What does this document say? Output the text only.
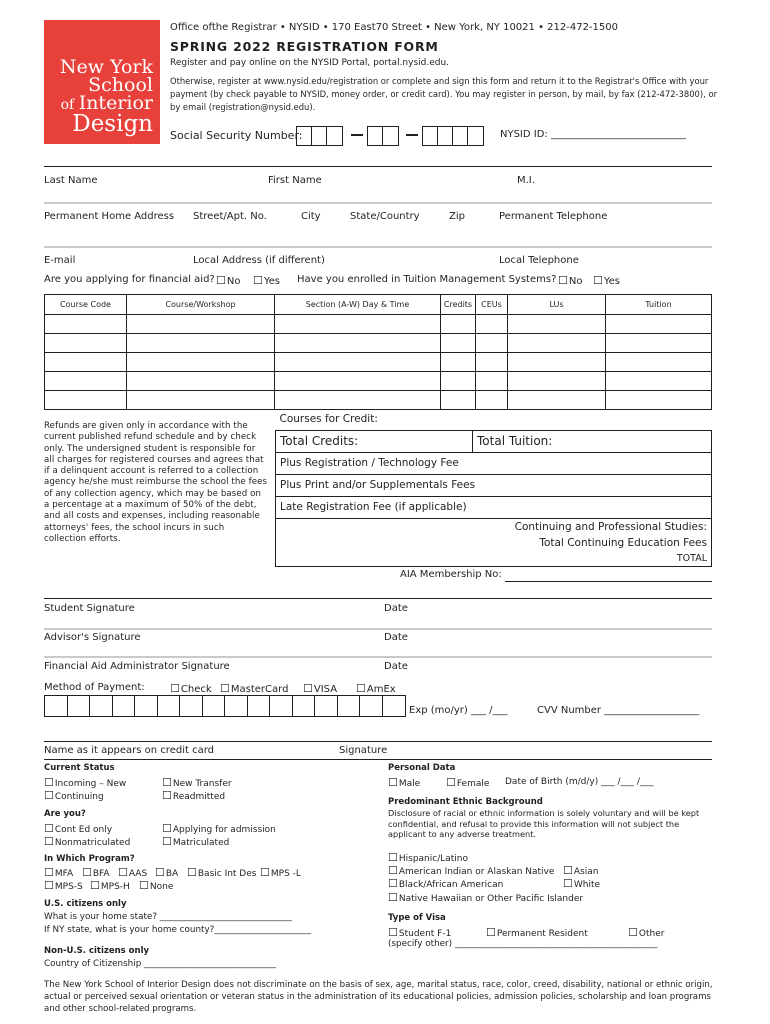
New York
School
of Interior
Design
Office ofthe Registrar • NYSID • 170 East70 Street • New York, NY 10021 • 212-472-1500
SPRING 2022 REGISTRATION FORM
Register and pay online on the NYSID Portal, portal.nysid.edu.
Otherwise, register at www.nysid.edu/registration or complete and sign this form and return it to the Registrar's Office with your
payment (by check payable to NYSID, money order, or credit card). You may register in person, by mail, by fax (212-472-3800), or
by email (registration@nysid.edu).
Social Security Number:	NYSID ID: ___________________________
Last Name	First Name	M.I.
Permanent Home Address Street/Apt. No.	City	State/Country	Zip	Permanent Telephone
E-mail	Local Address (if different)	Local Telephone
Are you applying for financial aid?	☐ No	☐ Yes Have you enrolled in Tuition Management Systems?	☐ No	☐ Yes
Course Code	Course/Workshop	Section (A-W) Day & Time	Credits	CEUs	LUs	Tuition

Refunds are given only in accordance with the current published refund schedule and by check only. The undersigned student is responsible for all charges for registered courses and agrees that if a delinquent account is referred to a collection agency he/she must reimburse the school the fees of any collection agency, which may be based on a percentage at a maximum of 50% of the debt, and all costs and expenses, including reasonable attorneys' fees, the school incurs in such collection efforts.
Courses for Credit:
Total Credits:	Total Tuition:
Plus Registration / Technology Fee
Plus Print and/or Supplementals Fees
Late Registration Fee (if applicable)
Continuing and Professional Studies:
Total Continuing Education Fees
TOTAL
AIA Membership No:
Student Signature	Date
Advisor's Signature	Date
Financial Aid Administrator Signature	Date
Method of Payment:	☐ Check	☐ MasterCard	☐ VISA	☐ AmEx
Exp (mo/yr) ___ /___	CVV Number ___________________
Name as it appears on credit card	Signature
Current Status
☐ Incoming – New	☐ New Transfer
☐ Continuing	☐ Readmitted
Are you?
☐ Cont Ed only	☐ Applying for admission
☐ Nonmatriculated	☐ Matriculated
In Which Program?
☐ MFA	☐ BFA	☐ AAS	☐ BA	☐ Basic Int Des	☐ MPS -L
☐ MPS-S	☐ MPS-H	☐ None
U.S. citizens only
What is your home state? ______________________________
If NY state, what is your home county?______________________
Non-U.S. citizens only
Country of Citizenship ______________________________
Personal Data
☐ Male	☐ Female Date of Birth (m/d/y) ___ /___ /___
Predominant Ethnic Background
Disclosure of racial or ethnic information is solely voluntary and will be kept confidential, and refusal to provide this information will not subject the applicant to any adverse treatment.
☐ Hispanic/Latino
☐ American Indian or Alaskan Native	☐ Asian
☐ Black/African American	☐ White
☐ Native Hawaiian or Other Pacific Islander
Type of Visa
☐ Student F-1	☐ Permanent Resident	☐ Other
(specify other) ______________________________________________
The New York School of Interior Design does not discriminate on the basis of sex, age, marital status, race, color, creed, disability, national or ethnic origin, actual or perceived sexual orientation or veteran status in the administration of its educational policies, admission policies, scholarship and loan programs and other school-related programs.
